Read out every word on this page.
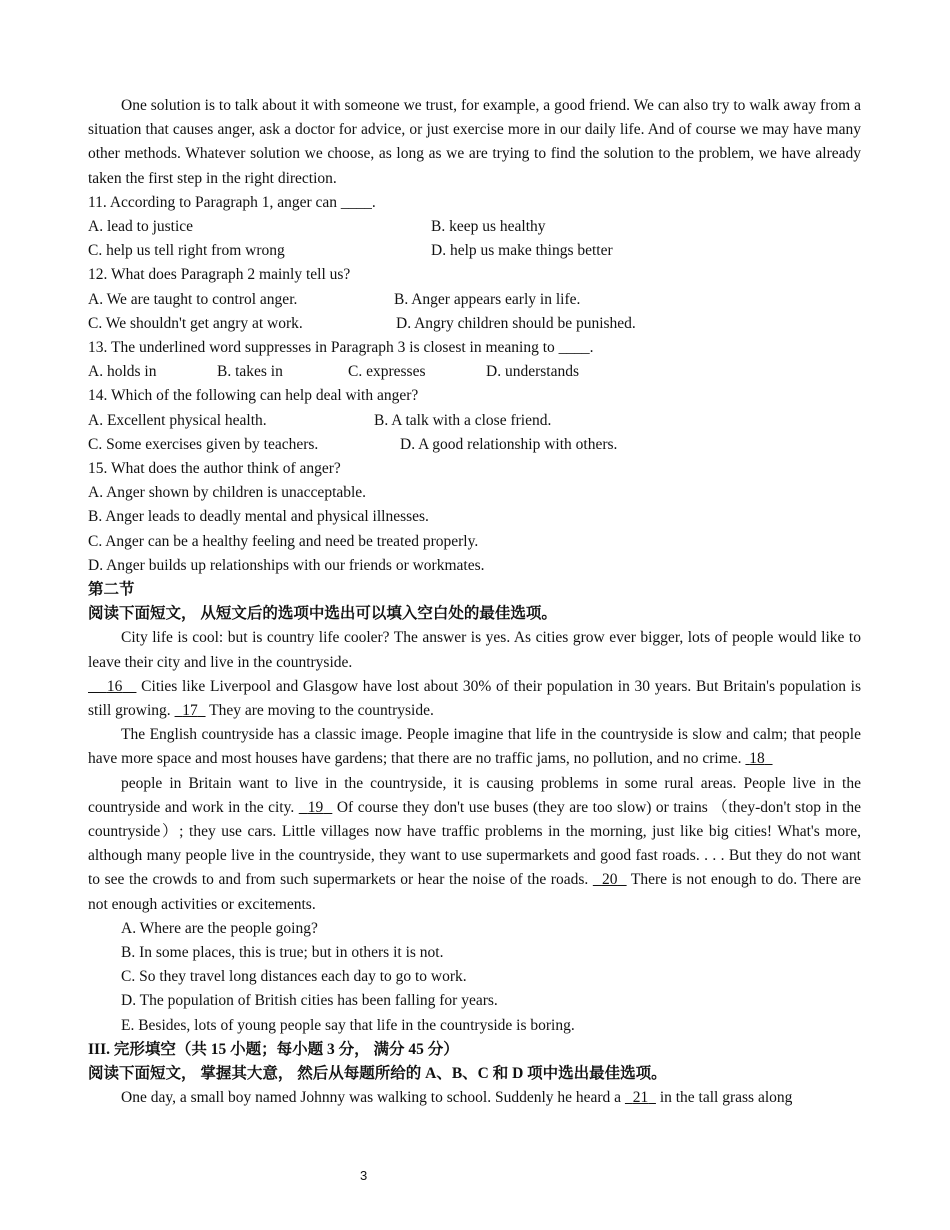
One solution is to talk about it with someone we trust, for example, a good friend. We can also try to walk away from a situation that causes anger, ask a doctor for advice, or just exercise more in our daily life. And of course we may have many other methods. Whatever solution we choose, as long as we are trying to find the solution to the problem, we have already taken the first step in the right direction.
11. According to Paragraph 1, anger can ____.
A. lead to justice	B. keep us healthy
C. help us tell right from wrong	D. help us make things better
12. What does Paragraph 2 mainly tell us?
A. We are taught to control anger.	B. Anger appears early in life.
C. We shouldn't get angry at work.	D. Angry children should be punished.
13. The underlined word suppresses in Paragraph 3 is closest in meaning to ____.
A. holds in	B. takes in	C. expresses	D. understands
14. Which of the following can help deal with anger?
A. Excellent physical health.	B. A talk with a close friend.
C. Some exercises given by teachers.	D. A good relationship with others.
15. What does the author think of anger?
A. Anger shown by children is unacceptable.
B. Anger leads to deadly mental and physical illnesses.
C. Anger can be a healthy feeling and need be treated properly.
D. Anger builds up relationships with our friends or workmates.
第二节
阅读下面短文， 从短文后的选项中选出可以填入空白处的最佳选项。
City life is cool: but is country life cooler? The answer is yes. As cities grow ever bigger, lots of people would like to leave their city and live in the countryside.
16 Cities like Liverpool and Glasgow have lost about 30% of their population in 30 years. But Britain's population is still growing. 17 They are moving to the countryside.
The English countryside has a classic image. People imagine that life in the countryside is slow and calm; that people have more space and most houses have gardens; that there are no traffic jams, no pollution, and no crime. 18
people in Britain want to live in the countryside, it is causing problems in some rural areas. People live in the countryside and work in the city. 19 Of course they don't use buses (they are too slow) or trains （they-don't stop in the countryside）; they use cars. Little villages now have traffic problems in the morning, just like big cities! What's more, although many people live in the countryside, they want to use supermarkets and good fast roads. . . . But they do not want to see the crowds to and from such supermarkets or hear the noise of the roads. 20 There is not enough to do. There are not enough activities or excitements.
A. Where are the people going?
B. In some places, this is true; but in others it is not.
C. So they travel long distances each day to go to work.
D. The population of British cities has been falling for years.
E. Besides, lots of young people say that life in the countryside is boring.
III. 完形填空（共 15 小题；每小题 3 分， 满分 45 分）
阅读下面短文， 掌握其大意， 然后从每题所给的 A、B、C 和 D 项中选出最佳选项。
One day, a small boy named Johnny was walking to school. Suddenly he heard a 21 in the tall grass along
3
